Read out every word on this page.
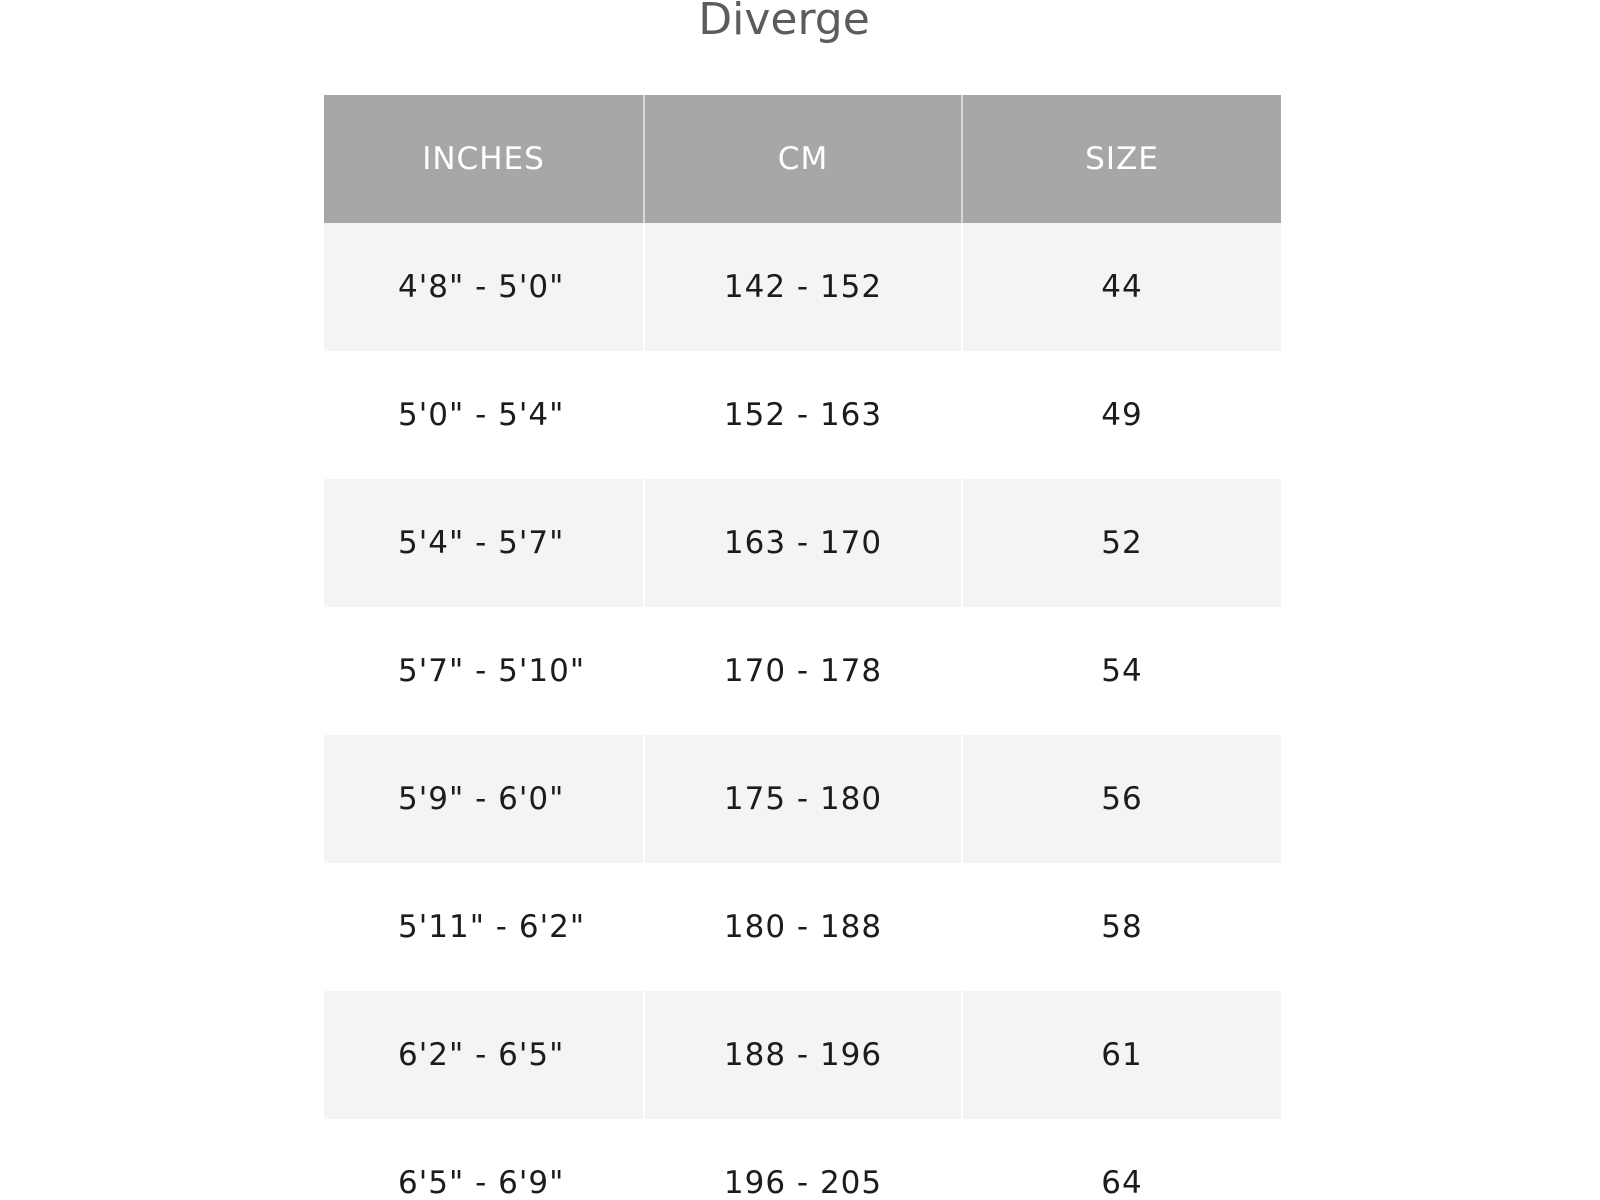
Diverge
INCHES	CM	SIZE
4'8" - 5'0"	142 - 152	44
5'0" - 5'4"	152 - 163	49
5'4" - 5'7"	163 - 170	52
5'7" - 5'10"	170 - 178	54
5'9" - 6'0"	175 - 180	56
5'11" - 6'2"	180 - 188	58
6'2" - 6'5"	188 - 196	61
6'5" - 6'9"	196 - 205	64
